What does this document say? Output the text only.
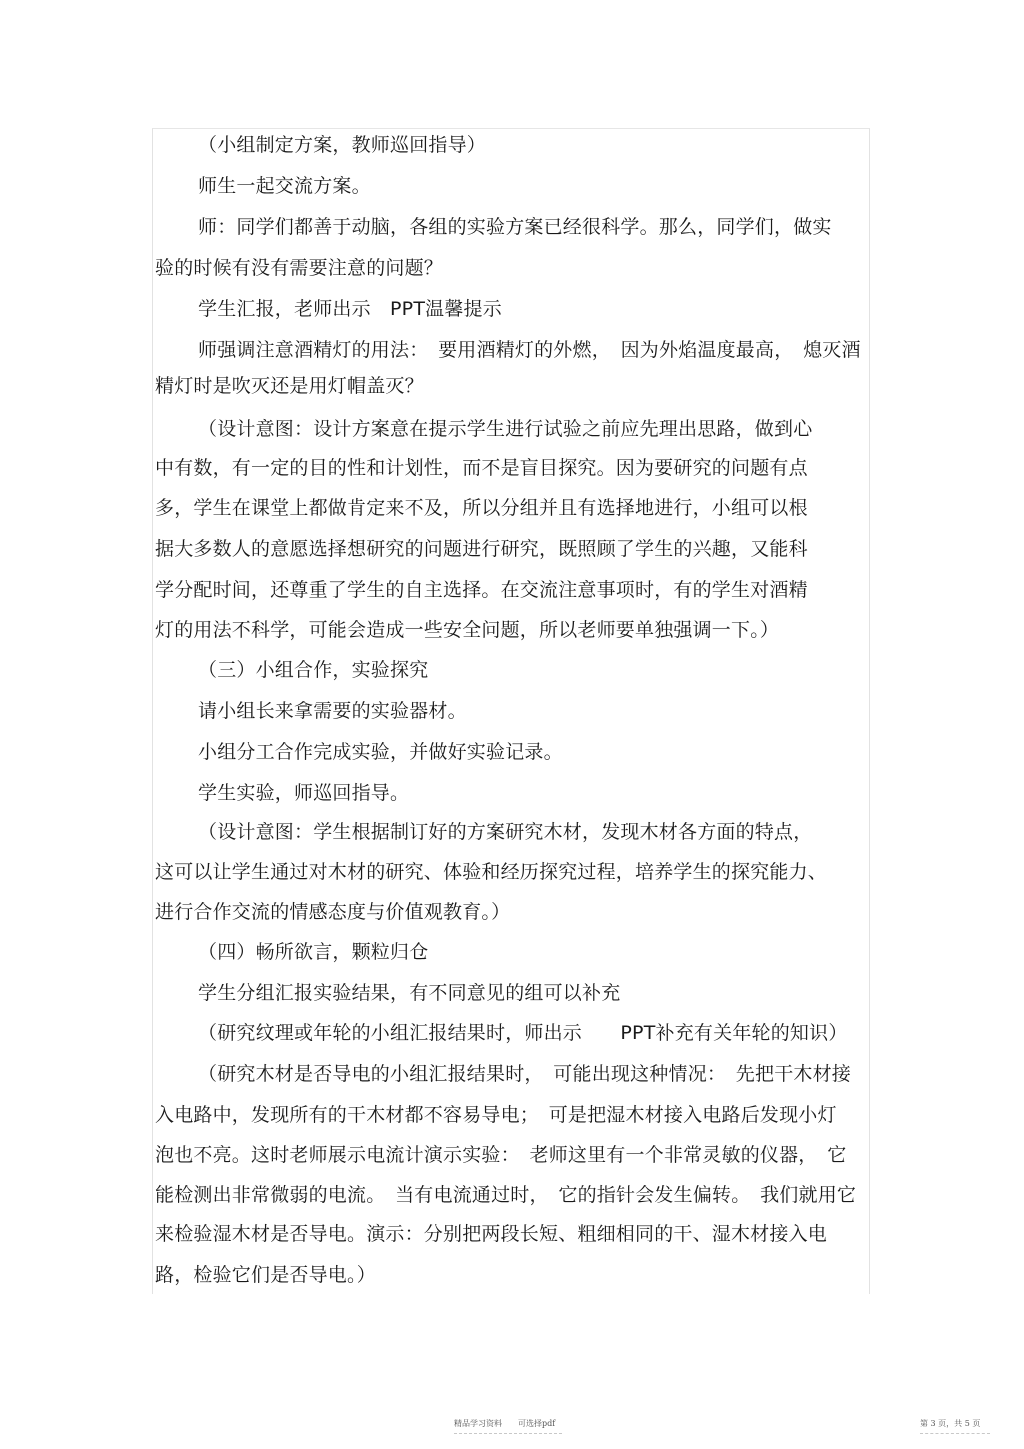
（小组制定方案，教师巡回指导）
师生一起交流方案。
师：同学们都善于动脑，各组的实验方案已经很科学。那么，同学们，做实
验的时候有没有需要注意的问题？
学生汇报，老师出示　PPT温馨提示
师强调注意酒精灯的用法：　要用酒精灯的外燃，　因为外焰温度最高，　熄灭酒
精灯时是吹灭还是用灯帽盖灭？
（设计意图：设计方案意在提示学生进行试验之前应先理出思路，做到心
中有数，有一定的目的性和计划性，而不是盲目探究。因为要研究的问题有点
多，学生在课堂上都做肯定来不及，所以分组并且有选择地进行，小组可以根
据大多数人的意愿选择想研究的问题进行研究，既照顾了学生的兴趣，又能科
学分配时间，还尊重了学生的自主选择。在交流注意事项时，有的学生对酒精
灯的用法不科学，可能会造成一些安全问题，所以老师要单独强调一下。）
（三）小组合作，实验探究
请小组长来拿需要的实验器材。
小组分工合作完成实验，并做好实验记录。
学生实验，师巡回指导。
（设计意图：学生根据制订好的方案研究木材，发现木材各方面的特点，
这可以让学生通过对木材的研究、体验和经历探究过程，培养学生的探究能力、
进行合作交流的情感态度与价值观教育。）
（四）畅所欲言，颗粒归仓
学生分组汇报实验结果，有不同意见的组可以补充
（研究纹理或年轮的小组汇报结果时，师出示　　PPT补充有关年轮的知识）
（研究木材是否导电的小组汇报结果时，　可能出现这种情况：　先把干木材接
入电路中，发现所有的干木材都不容易导电；　可是把湿木材接入电路后发现小灯
泡也不亮。这时老师展示电流计演示实验：　老师这里有一个非常灵敏的仪器，　它
能检测出非常微弱的电流。　当有电流通过时，　它的指针会发生偏转。　我们就用它
来检验湿木材是否导电。演示：分别把两段长短、粗细相同的干、湿木材接入电
路，检验它们是否导电。）
精品学习资料　　可选择pdf	第 3 页，共 5 页
